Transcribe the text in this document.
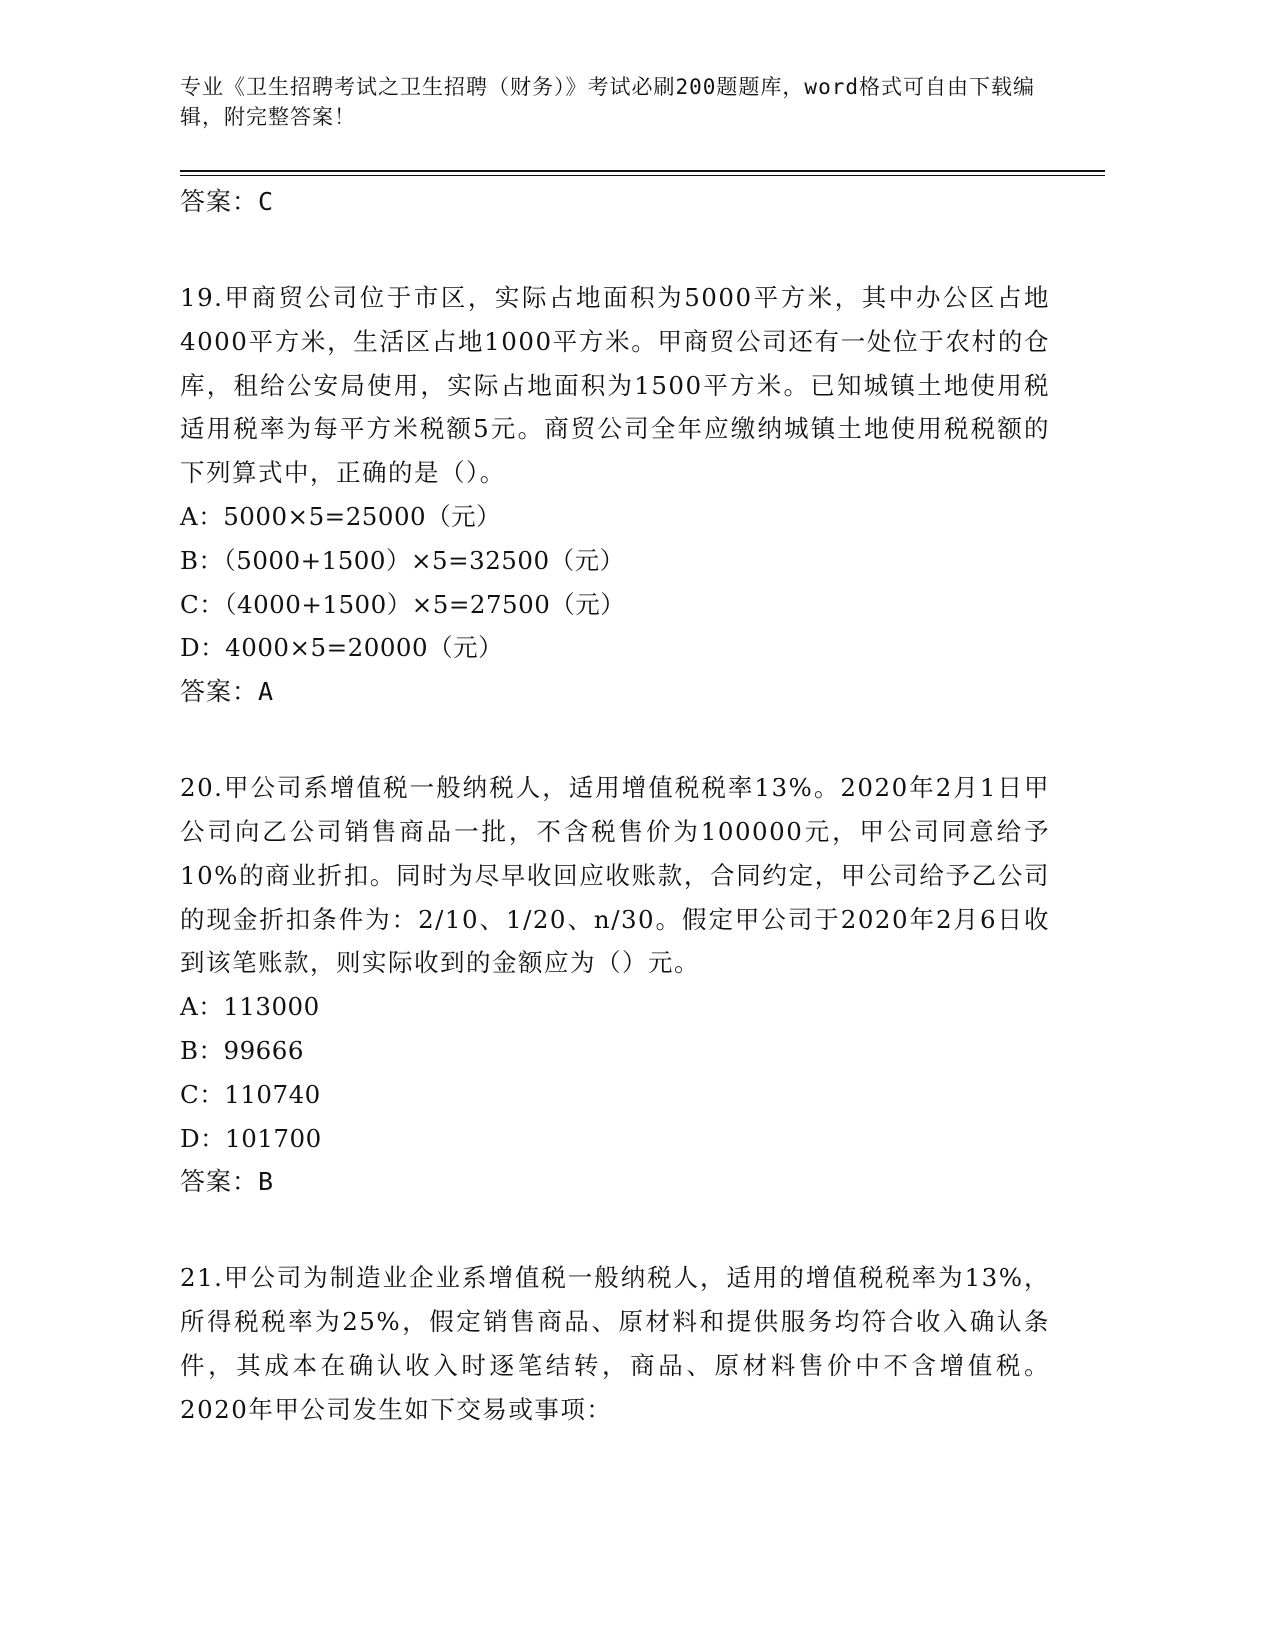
专业《卫生招聘考试之卫生招聘（财务）》考试必刷200题题库，word格式可自由下载编辑，附完整答案！
答案：C

19.甲商贸公司位于市区，实际占地面积为5000平方米，其中办公区占地4000平方米，生活区占地1000平方米。甲商贸公司还有一处位于农村的仓库，租给公安局使用，实际占地面积为1500平方米。已知城镇土地使用税适用税率为每平方米税额5元。商贸公司全年应缴纳城镇土地使用税税额的下列算式中，正确的是（）。

A：5000×5=25000（元）
B：（5000+1500）×5=32500（元）
C：（4000+1500）×5=27500（元）
D：4000×5=20000（元）
答案：A

20.甲公司系增值税一般纳税人，适用增值税税率13%。2020年2月1日甲公司向乙公司销售商品一批，不含税售价为100000元，甲公司同意给予10%的商业折扣。同时为尽早收回应收账款，合同约定，甲公司给予乙公司的现金折扣条件为：2/10、1/20、n/30。假定甲公司于2020年2月6日收到该笔账款，则实际收到的金额应为（）元。

A：113000
B：99666
C：110740
D：101700
答案：B

21.甲公司为制造业企业系增值税一般纳税人，适用的增值税税率为13%，所得税税率为25%，假定销售商品、原材料和提供服务均符合收入确认条件，其成本在确认收入时逐笔结转，商品、原材料售价中不含增值税。2020年甲公司发生如下交易或事项：
